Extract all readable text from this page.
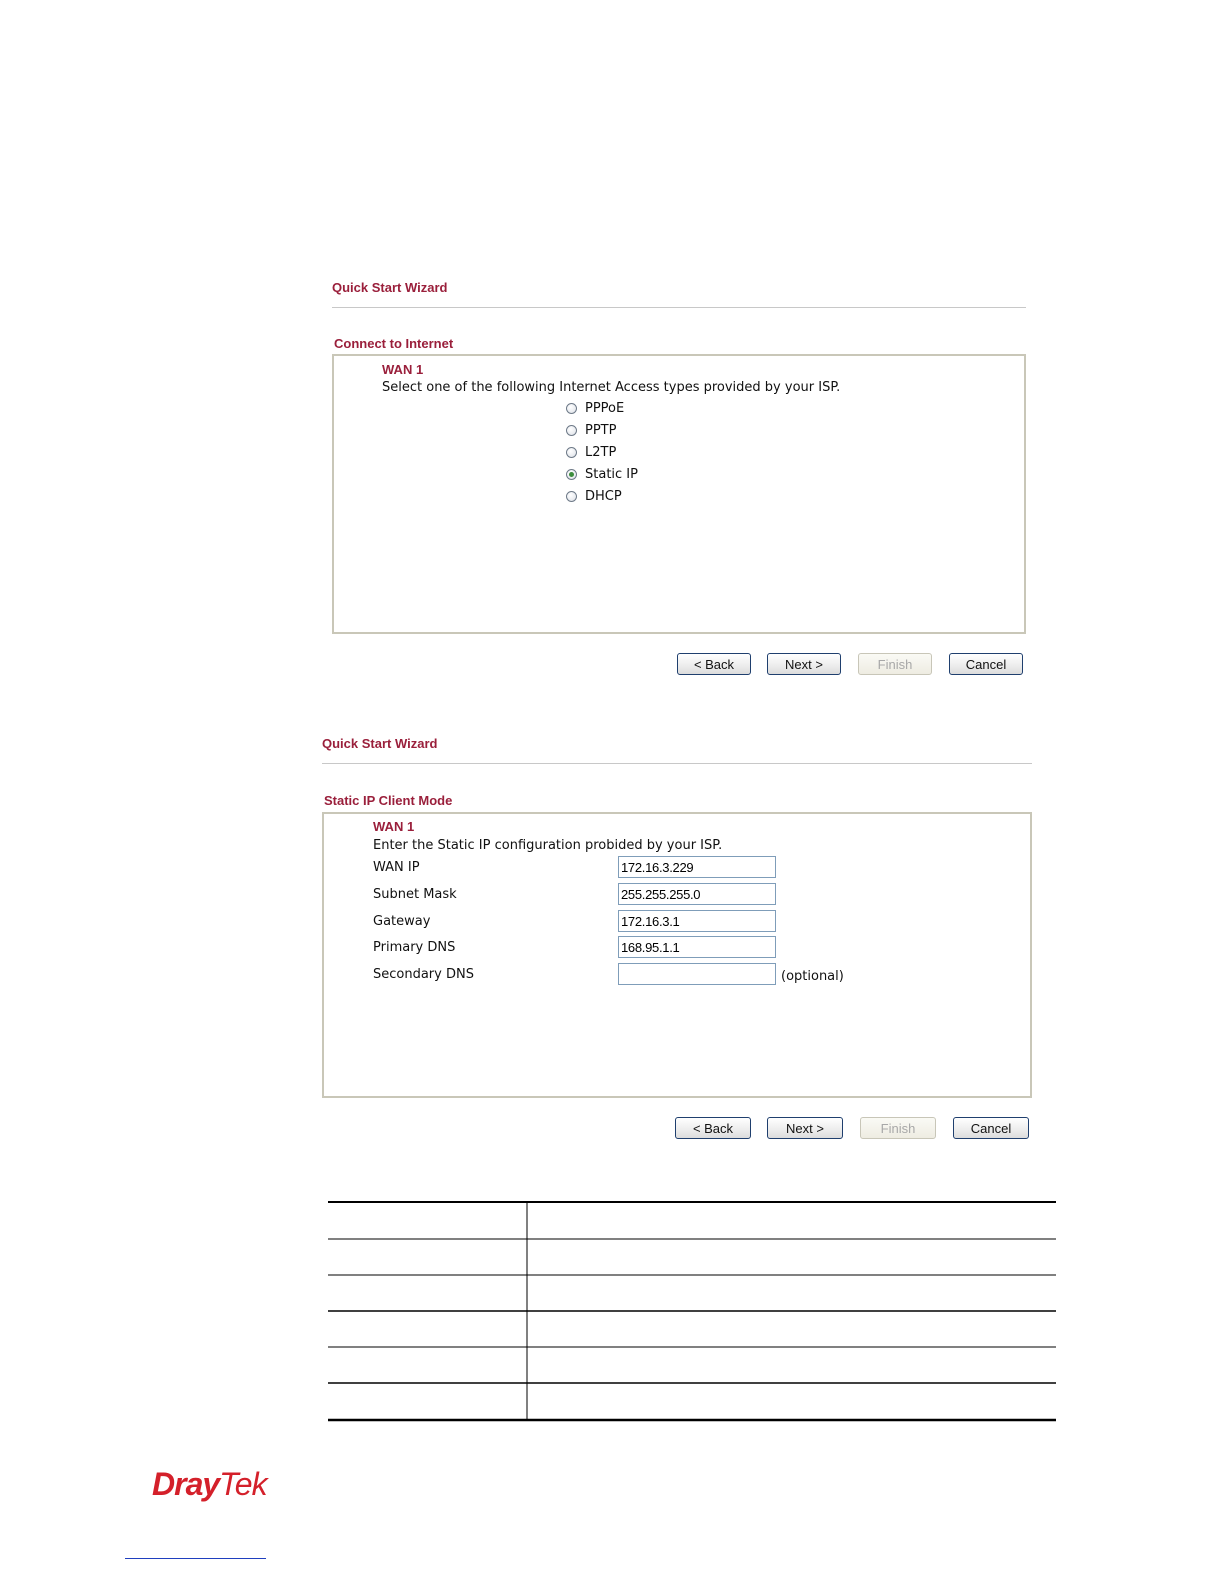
Quick Start Wizard
Connect to Internet
WAN 1
Select one of the following Internet Access types provided by your ISP.
PPPoE
PPTP
L2TP
Static IP
DHCP
< Back	Next >	Finish	Cancel
Quick Start Wizard
Static IP Client Mode
WAN 1
Enter the Static IP configuration probided by your ISP.
WAN IP	172.16.3.229
Subnet Mask	255.255.255.0
Gateway	172.16.3.1
Primary DNS	168.95.1.1
Secondary DNS	(optional)
< Back	Next >	Finish	Cancel
DrayTek
